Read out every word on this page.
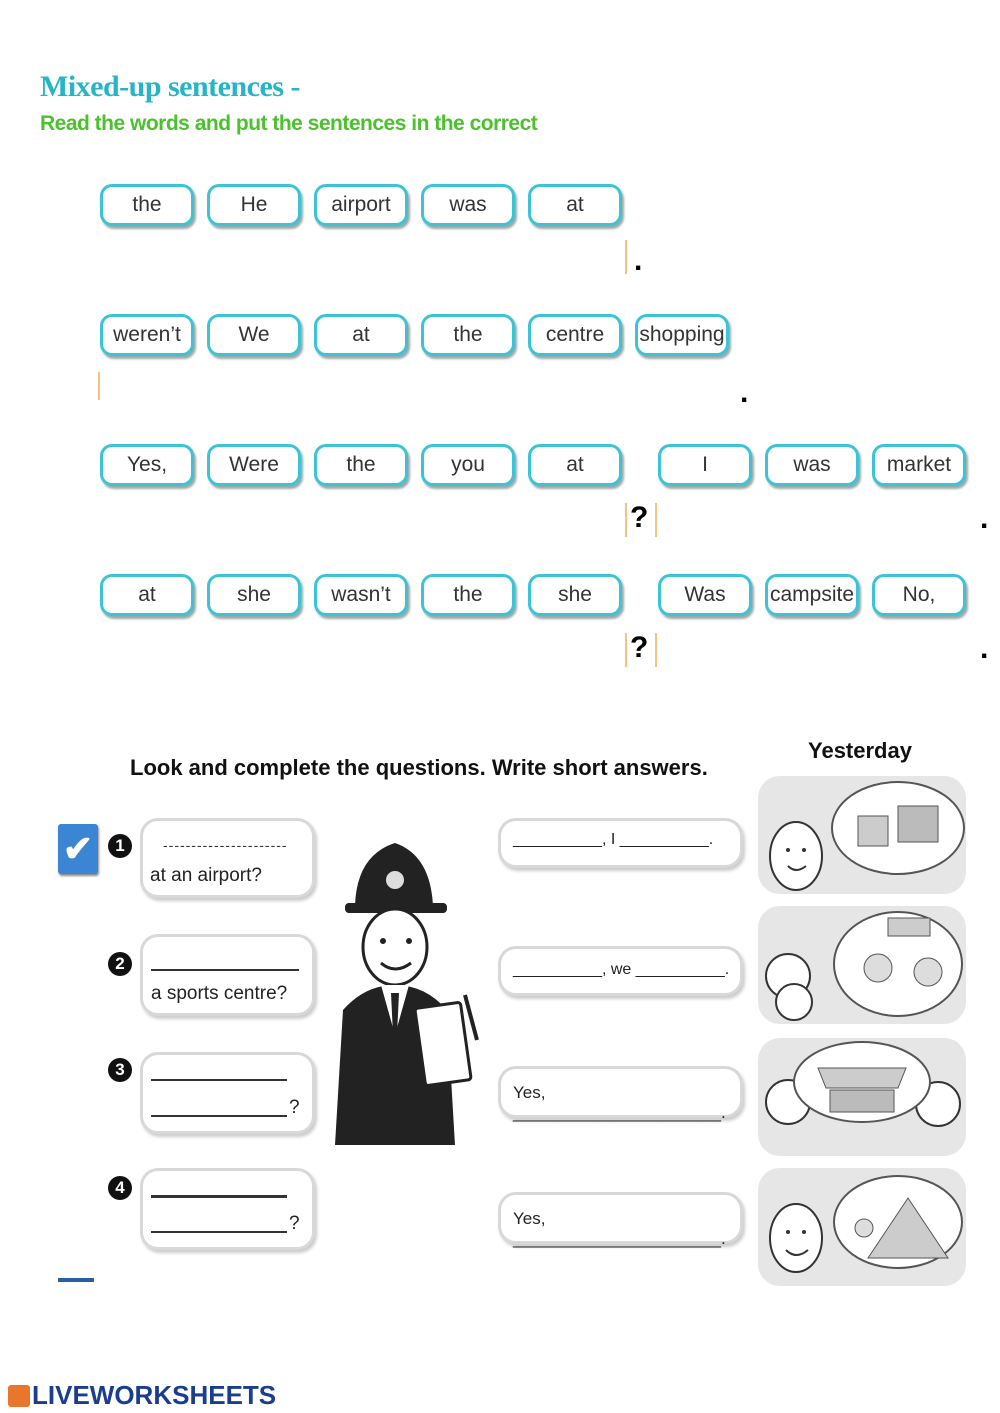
Mixed-up sentences -
Read the words and put the sentences in the correct
the	He	airport	was	at
.
weren’t	We	at	the	centre	shopping
.
Yes,	Were	the	you	at	I	was	market
?	.
at	she	wasn’t	the	she	Was	campsite	No,
?	.
Look and complete the questions. Write short answers.
Yesterday
✔	1
2
3
4
----------------------
at an airport?
a sports centre?
?
?
__________, I __________.
__________, we __________.
Yes, ______________________.
Yes, ______________________.
LIVEWORKSHEETS
